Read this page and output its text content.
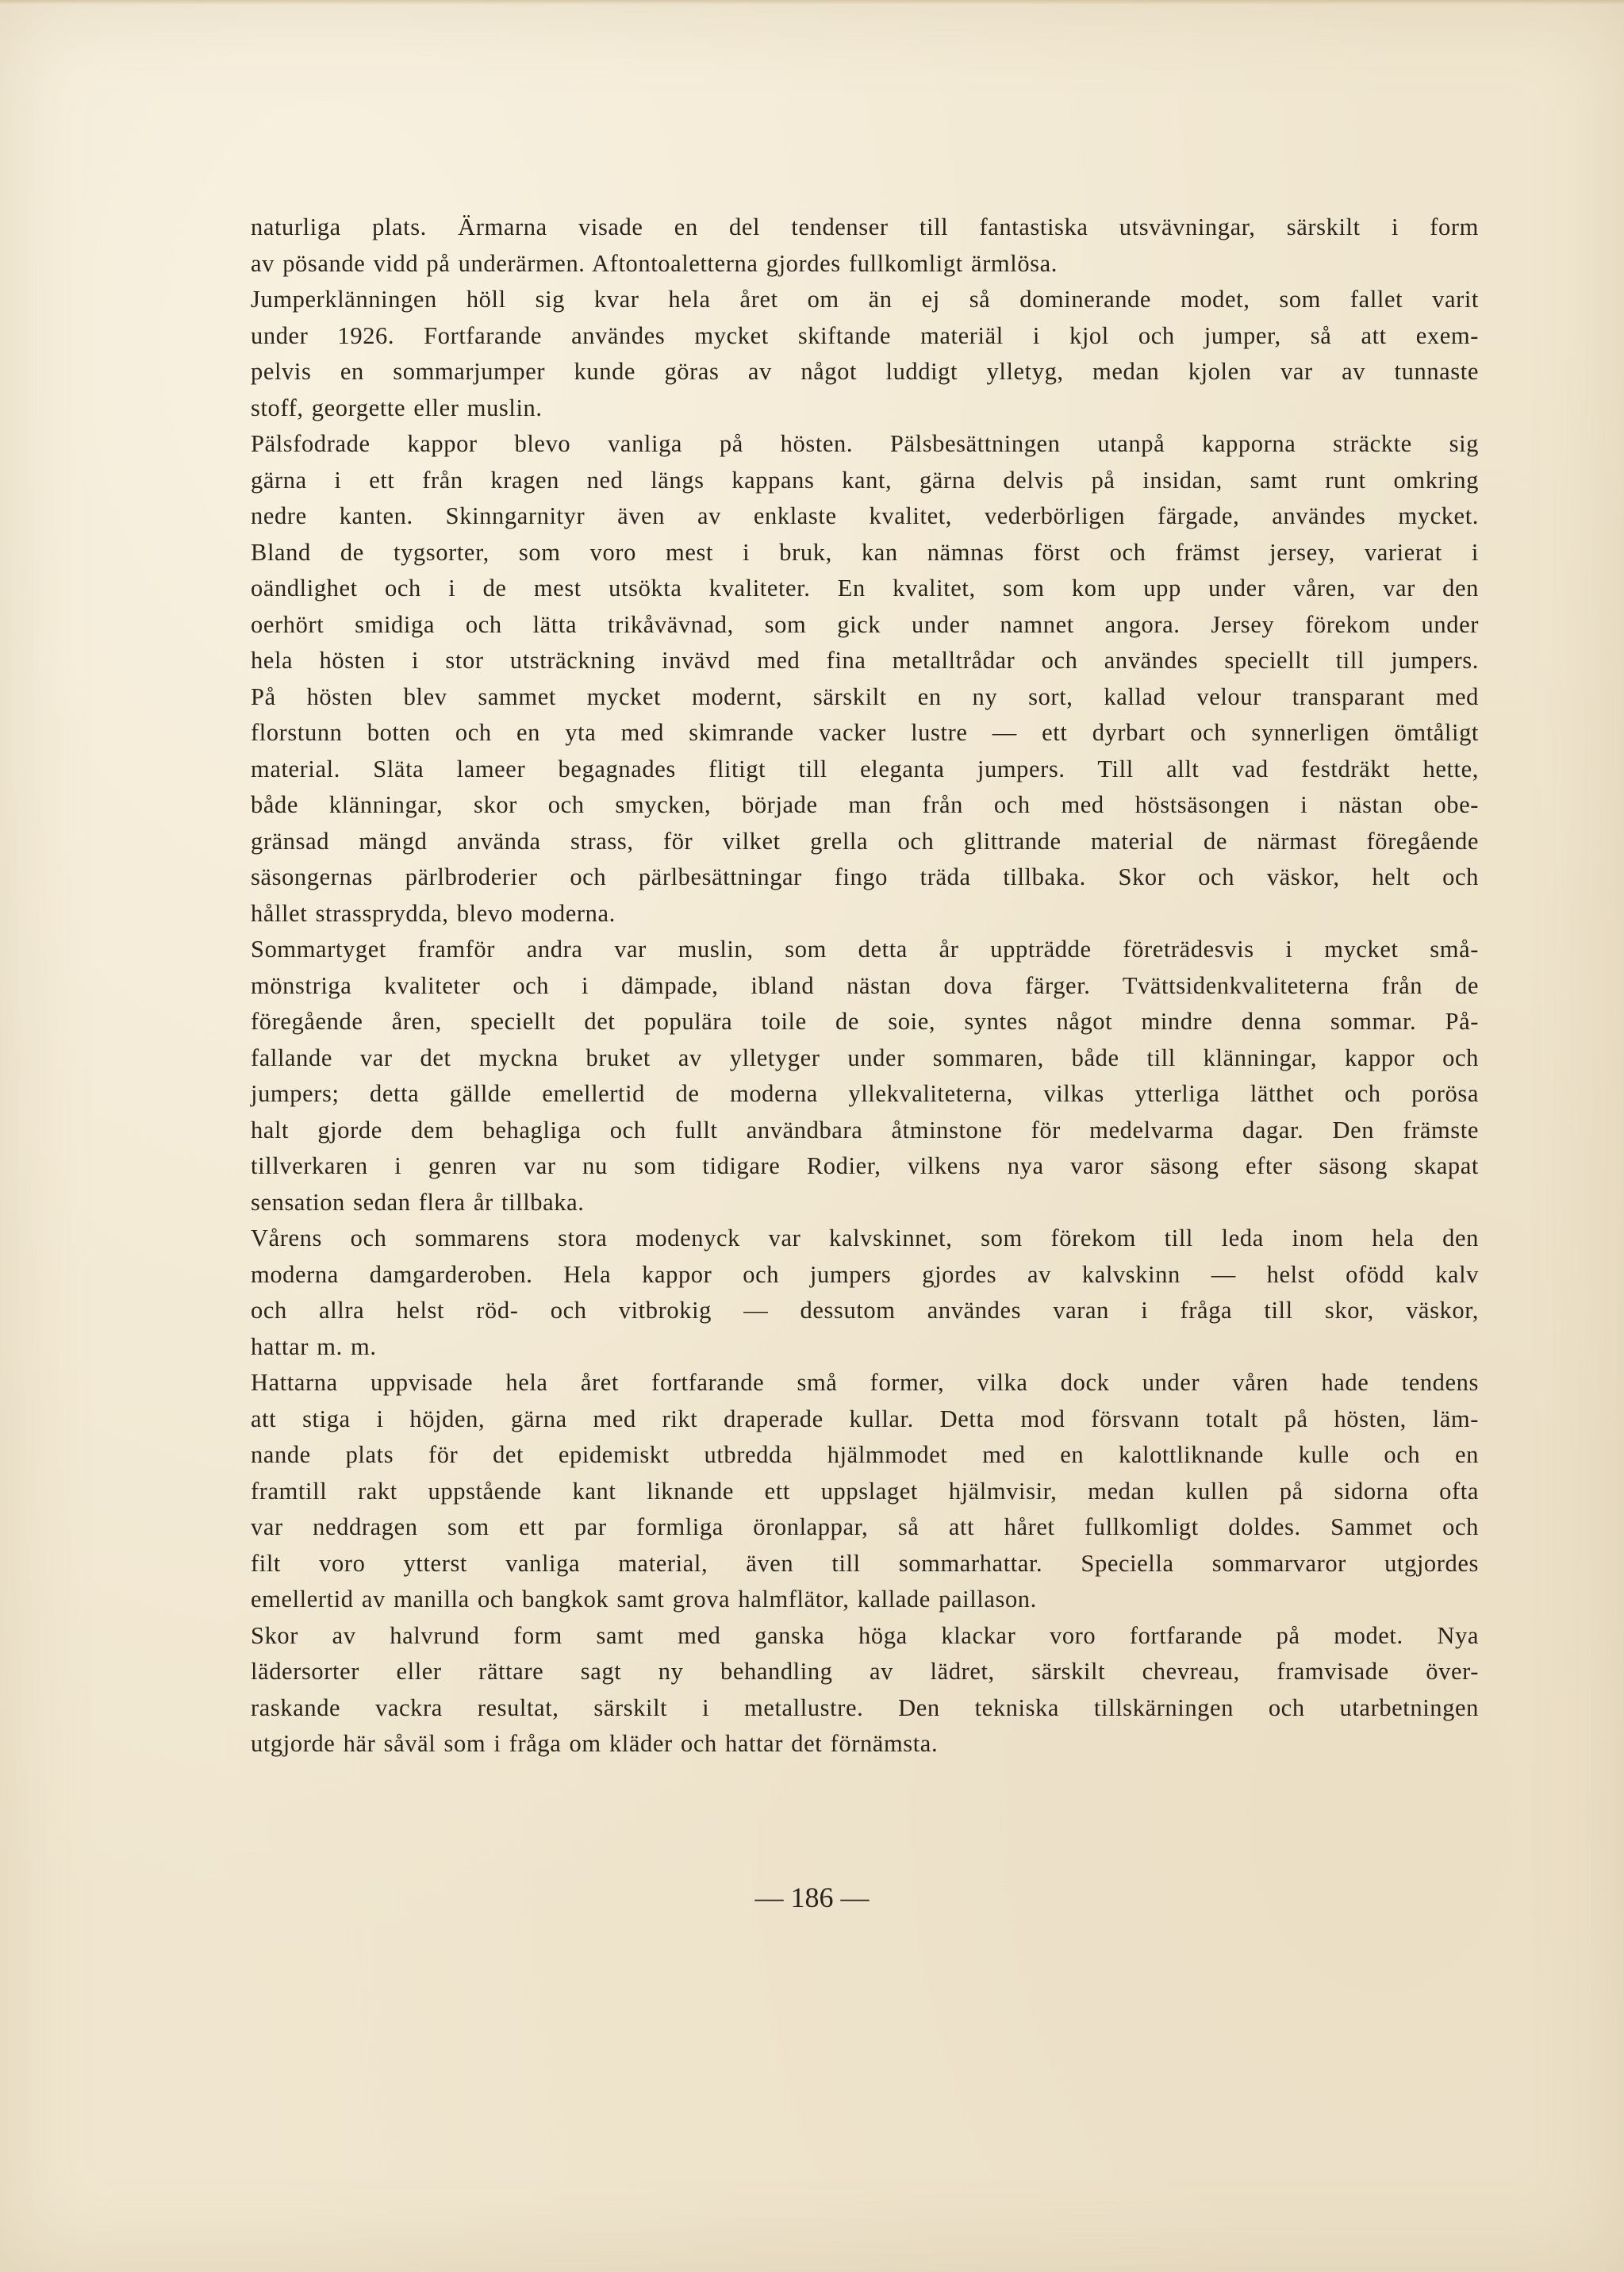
naturliga plats. Ärmarna visade en del tendenser till fantastiska utsvävningar, särskilt i form
av pösande vidd på underärmen. Aftontoaletterna gjordes fullkomligt ärmlösa.
Jumperklänningen höll sig kvar hela året om än ej så dominerande modet, som fallet varit
under 1926. Fortfarande användes mycket skiftande materiäl i kjol och jumper, så att exem-
pelvis en sommarjumper kunde göras av något luddigt ylletyg, medan kjolen var av tunnaste
stoff, georgette eller muslin.
Pälsfodrade kappor blevo vanliga på hösten. Pälsbesättningen utanpå kapporna sträckte sig
gärna i ett från kragen ned längs kappans kant, gärna delvis på insidan, samt runt omkring
nedre kanten. Skinngarnityr även av enklaste kvalitet, vederbörligen färgade, användes mycket.
Bland de tygsorter, som voro mest i bruk, kan nämnas först och främst jersey, varierat i
oändlighet och i de mest utsökta kvaliteter. En kvalitet, som kom upp under våren, var den
oerhört smidiga och lätta trikåvävnad, som gick under namnet angora. Jersey förekom under
hela hösten i stor utsträckning invävd med fina metalltrådar och användes speciellt till jumpers.
På hösten blev sammet mycket modernt, särskilt en ny sort, kallad velour transparant med
florstunn botten och en yta med skimrande vacker lustre — ett dyrbart och synnerligen ömtåligt
material. Släta lameer begagnades flitigt till eleganta jumpers. Till allt vad festdräkt hette,
både klänningar, skor och smycken, började man från och med höstsäsongen i nästan obe-
gränsad mängd använda strass, för vilket grella och glittrande material de närmast föregående
säsongernas pärlbroderier och pärlbesättningar fingo träda tillbaka. Skor och väskor, helt och
hållet strassprydda, blevo moderna.
Sommartyget framför andra var muslin, som detta år uppträdde företrädesvis i mycket små-
mönstriga kvaliteter och i dämpade, ibland nästan dova färger. Tvättsidenkvaliteterna från de
föregående åren, speciellt det populära toile de soie, syntes något mindre denna sommar. På-
fallande var det myckna bruket av ylletyger under sommaren, både till klänningar, kappor och
jumpers; detta gällde emellertid de moderna yllekvaliteterna, vilkas ytterliga lätthet och porösa
halt gjorde dem behagliga och fullt användbara åtminstone för medelvarma dagar. Den främste
tillverkaren i genren var nu som tidigare Rodier, vilkens nya varor säsong efter säsong skapat
sensation sedan flera år tillbaka.
Vårens och sommarens stora modenyck var kalvskinnet, som förekom till leda inom hela den
moderna damgarderoben. Hela kappor och jumpers gjordes av kalvskinn — helst ofödd kalv
och allra helst röd- och vitbrokig — dessutom användes varan i fråga till skor, väskor,
hattar m. m.
Hattarna uppvisade hela året fortfarande små former, vilka dock under våren hade tendens
att stiga i höjden, gärna med rikt draperade kullar. Detta mod försvann totalt på hösten, läm-
nande plats för det epidemiskt utbredda hjälmmodet med en kalottliknande kulle och en
framtill rakt uppstående kant liknande ett uppslaget hjälmvisir, medan kullen på sidorna ofta
var neddragen som ett par formliga öronlappar, så att håret fullkomligt doldes. Sammet och
filt voro ytterst vanliga material, även till sommarhattar. Speciella sommarvaror utgjordes
emellertid av manilla och bangkok samt grova halmflätor, kallade paillason.
Skor av halvrund form samt med ganska höga klackar voro fortfarande på modet. Nya
lädersorter eller rättare sagt ny behandling av lädret, särskilt chevreau, framvisade över-
raskande vackra resultat, särskilt i metallustre. Den tekniska tillskärningen och utarbetningen
utgjorde här såväl som i fråga om kläder och hattar det förnämsta.
— 186 —
